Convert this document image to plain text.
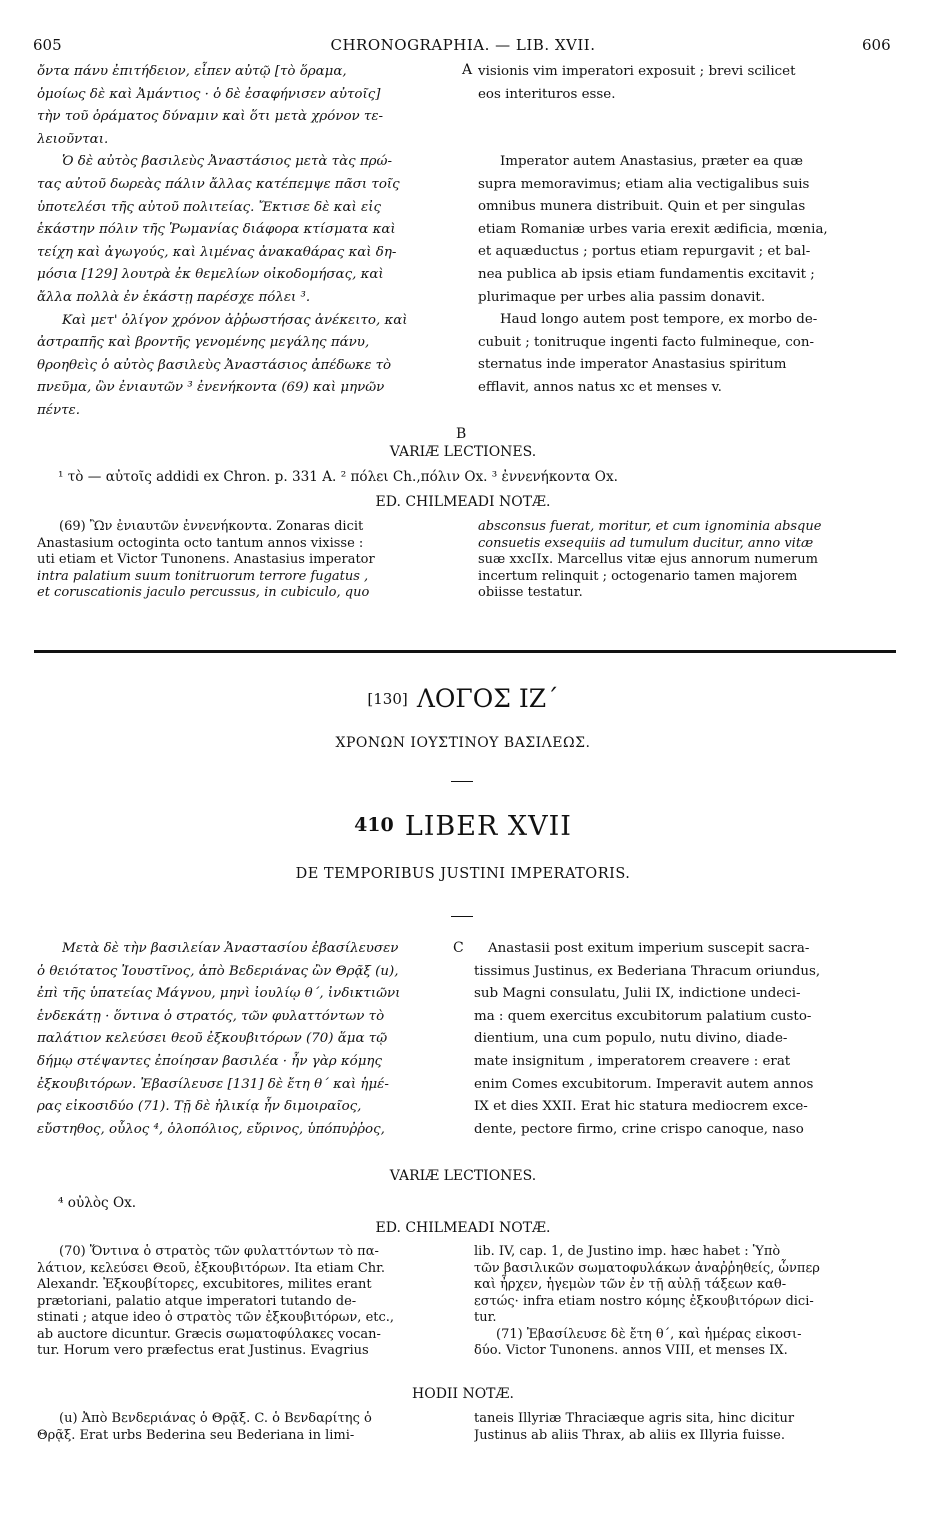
605	CHRONOGRAPHIA. — LIB. XVII.	606

ὄντα πάνυ ἐπιτήδειον, εἶπεν αὐτῷ [τὸ ὅραμα,

ὁμοίως δὲ καὶ Ἀμάντιος · ὁ δὲ ἐσαφήνισεν αὐτοῖς]

τὴν τοῦ ὁράματος δύναμιν καὶ ὅτι μετὰ χρόνον τε-

λειοῦνται.

Ὁ δὲ αὐτὸς βασιλεὺς Ἀναστάσιος μετὰ τὰς πρώ-

τας αὐτοῦ δωρεὰς πάλιν ἄλλας κατέπεμψε πᾶσι τοῖς

ὑποτελέσι τῆς αὐτοῦ πολιτείας. Ἔκτισε δὲ καὶ εἰς

ἑκάστην πόλιν τῆς Ῥωμανίας διάφορα κτίσματα καὶ

τείχη καὶ ἀγωγούς, καὶ λιμένας ἀνακαθάρας καὶ δη-

μόσια [129] λουτρὰ ἐκ θεμελίων οἰκοδομήσας, καὶ

ἄλλα πολλὰ ἐν ἑκάστῃ παρέσχε πόλει ³.

Καὶ μετ' ὀλίγον χρόνον ἀῤῥωστήσας ἀνέκειτο, καὶ

ἀστραπῆς καὶ βροντῆς γενομένης μεγάλης πάνυ,

θροηθεὶς ὁ αὐτὸς βασιλεὺς Ἀναστάσιος ἀπέδωκε τὸ

πνεῦμα, ὢν ἐνιαυτῶν ³ ἐνενήκοντα (69) καὶ μηνῶν

πέντε.

A visionis vim imperatori exposuit ; brevi scilicet

eos interituros esse.

Imperator autem Anastasius, præter ea quæ

supra memoravimus; etiam alia vectigalibus suis

omnibus munera distribuit. Quin et per singulas

etiam Romaniæ urbes varia erexit ædificia, mœnia,

et aquæductus ; portus etiam repurgavit ; et bal-

nea publica ab ipsis etiam fundamentis excitavit ;

plurimaque per urbes alia passim donavit.

Haud longo autem post tempore, ex morbo de-

cubuit ; tonitruque ingenti facto fulmineque, con-

sternatus inde imperator Anastasius spiritum

efflavit, annos natus xc et menses v.

B
VARIÆ LECTIONES.
¹ τὸ — αὐτοῖς addidi ex Chron. p. 331 A. ² πόλει Ch.,πόλιν Ox. ³ ἐννενήκοντα Ox.
ED. CHILMEADI NOTÆ.

(69) Ὢν ἐνιαυτῶν ἐννενήκοντα. Zonaras dicit

Anastasium octoginta octo tantum annos vixisse :

uti etiam et Victor Tunonens. Anastasius imperator

intra palatium suum tonitruorum terrore fugatus ,

et coruscationis jaculo percussus, in cubiculo, quo

absconsus fuerat, moritur, et cum ignominia absque

consuetis exsequiis ad tumulum ducitur, anno vitæ

suæ xxcIIx. Marcellus vitæ ejus annorum numerum

incertum relinquit ; octogenario tamen majorem

obiisse testatur.

[130] ΛΟΓΟΣ ΙΖ΄
ΧΡΟΝΩΝ ΙΟΥΣΤΙΝΟΥ ΒΑΣΙΛΕΩΣ.
410 LIBER XVII
DE TEMPORIBUS JUSTINI IMPERATORIS.

Μετὰ δὲ τὴν βασιλείαν Ἀναστασίου ἐβασίλευσεν

ὁ θειότατος Ἰουστῖνος, ἀπὸ Βεδεριάνας ὢν Θρᾷξ (u),

ἐπὶ τῆς ὑπατείας Μάγνου, μηνὶ ἰουλίῳ θ΄, ἰνδικτιῶνι

ἑνδεκάτῃ · ὅντινα ὁ στρατός, τῶν φυλαττόντων τὸ

παλάτιον κελεύσει θεοῦ ἐξκουβιτόρων (70) ἅμα τῷ

δήμῳ στέψαντες ἐποίησαν βασιλέα · ἦν γὰρ κόμης

ἐξκουβιτόρων. Ἐβασίλευσε [131] δὲ ἔτη θ΄ καὶ ἡμέ-

ρας εἰκοσιδύο (71). Τῇ δὲ ἡλικίᾳ ἦν διμοιραῖος,

εὔστηθος, οὖλος ⁴, ὁλοπόλιος, εὔρινος, ὑπόπυῤῥος,

C	Anastasii post exitum imperium suscepit sacra-

tissimus Justinus, ex Bederiana Thracum oriundus,

sub Magni consulatu, Julii IX, indictione undeci-

ma : quem exercitus excubitorum palatium custo-

dientium, una cum populo, nutu divino, diade-

mate insignitum , imperatorem creavere : erat

enim Comes excubitorum. Imperavit autem annos

IX et dies XXII. Erat hic statura mediocrem exce-

dente, pectore firmo, crine crispo canoque, naso

VARIÆ LECTIONES.
⁴ οὐλὸς Ox.
ED. CHILMEADI NOTÆ.

(70) Ὅντινα ὁ στρατὸς τῶν φυλαττόντων τὸ πα-

λάτιον, κελεύσει Θεοῦ, ἐξκουβιτόρων. Ita etiam Chr.

Alexandr. Ἐξκουβίτορες, excubitores, milites erant

prætoriani, palatio atque imperatori tutando de-

stinati ; atque ideo ὁ στρατὸς τῶν ἐξκουβιτόρων, etc.,

ab auctore dicuntur. Græcis σωματοφύλακες vocan-

tur. Horum vero præfectus erat Justinus. Evagrius

lib. IV, cap. 1, de Justino imp. hæc habet : Ὑπὸ

τῶν βασιλικῶν σωματοφυλάκων ἀναῤῥηθείς, ὧνπερ

καὶ ἦρχεν, ἡγεμὼν τῶν ἐν τῇ αὐλῇ τάξεων καθ-

εστώς· infra etiam nostro κόμης ἐξκουβιτόρων dici-

tur.

(71) Ἐβασίλευσε δὲ ἔτη θ΄, καὶ ἡμέρας εἰκοσι-

δύο. Victor Tunonens. annos VIII, et menses IX.

HODII NOTÆ.

(u) Ἀπὸ Βενδεριάνας ὁ Θρᾷξ. C. ὁ Βενδαρίτης ὁ

Θρᾷξ. Erat urbs Bederina seu Bederiana in limi-

taneis Illyriæ Thraciæque agris sita, hinc dicitur

Justinus ab aliis Thrax, ab aliis ex Illyria fuisse.
